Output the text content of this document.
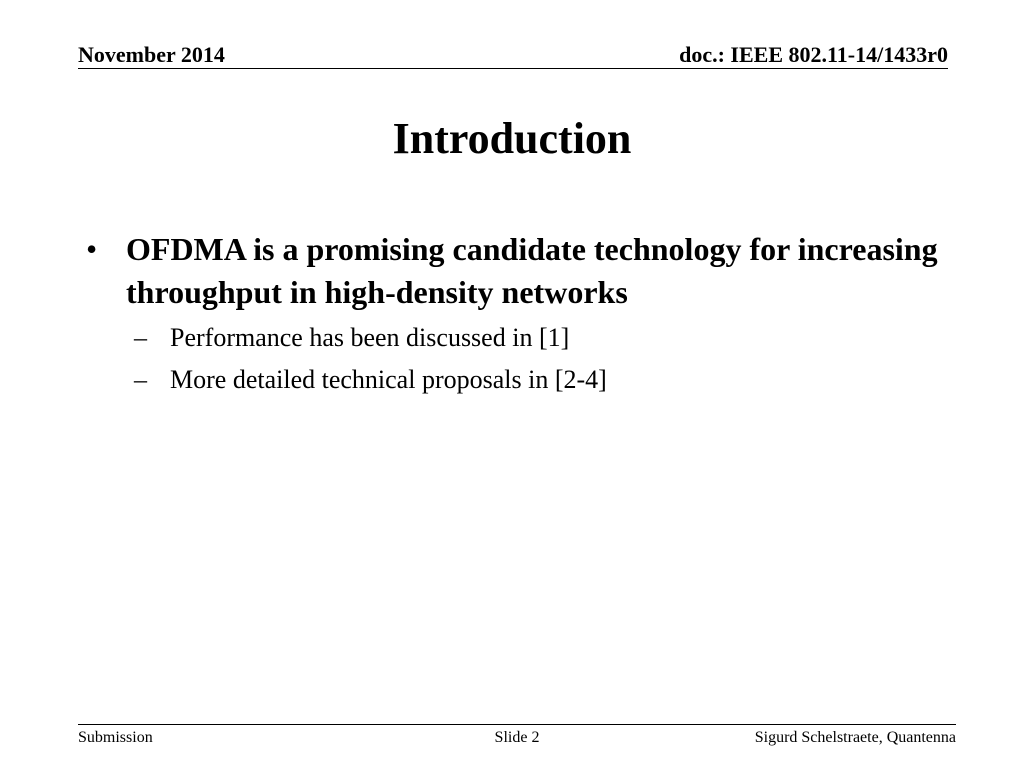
November 2014	doc.: IEEE 802.11-14/1433r0
Introduction
• OFDMA is a promising candidate technology for increasing throughput in high-density networks
– Performance has been discussed in [1]
– More detailed technical proposals in [2-4]
Submission	Slide 2	Sigurd Schelstraete, Quantenna
